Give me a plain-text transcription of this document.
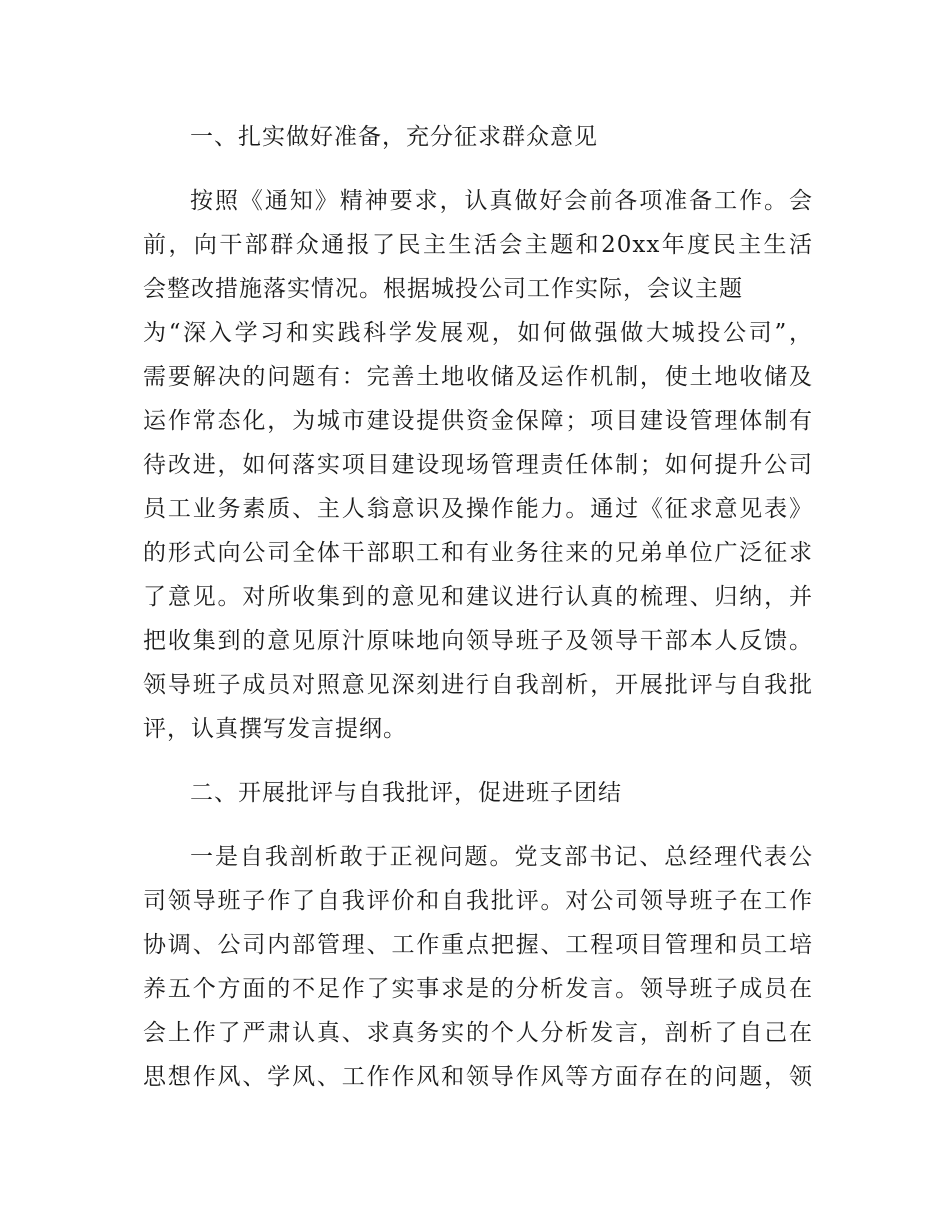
一、扎实做好准备，充分征求群众意见
按照《通知》精神要求，认真做好会前各项准备工作。会
前，向干部群众通报了民主生活会主题和20xx年度民主生活
会整改措施落实情况。根据城投公司工作实际，会议主题
为“深入学习和实践科学发展观，如何做强做大城投公司”，
需要解决的问题有：完善土地收储及运作机制，使土地收储及
运作常态化，为城市建设提供资金保障；项目建设管理体制有
待改进，如何落实项目建设现场管理责任体制；如何提升公司
员工业务素质、主人翁意识及操作能力。通过《征求意见表》
的形式向公司全体干部职工和有业务往来的兄弟单位广泛征求
了意见。对所收集到的意见和建议进行认真的梳理、归纳，并
把收集到的意见原汁原味地向领导班子及领导干部本人反馈。
领导班子成员对照意见深刻进行自我剖析，开展批评与自我批
评，认真撰写发言提纲。
二、开展批评与自我批评，促进班子团结
一是自我剖析敢于正视问题。党支部书记、总经理代表公
司领导班子作了自我评价和自我批评。对公司领导班子在工作
协调、公司内部管理、工作重点把握、工程项目管理和员工培
养五个方面的不足作了实事求是的分析发言。领导班子成员在
会上作了严肃认真、求真务实的个人分析发言，剖析了自己在
思想作风、学风、工作作风和领导作风等方面存在的问题，领
